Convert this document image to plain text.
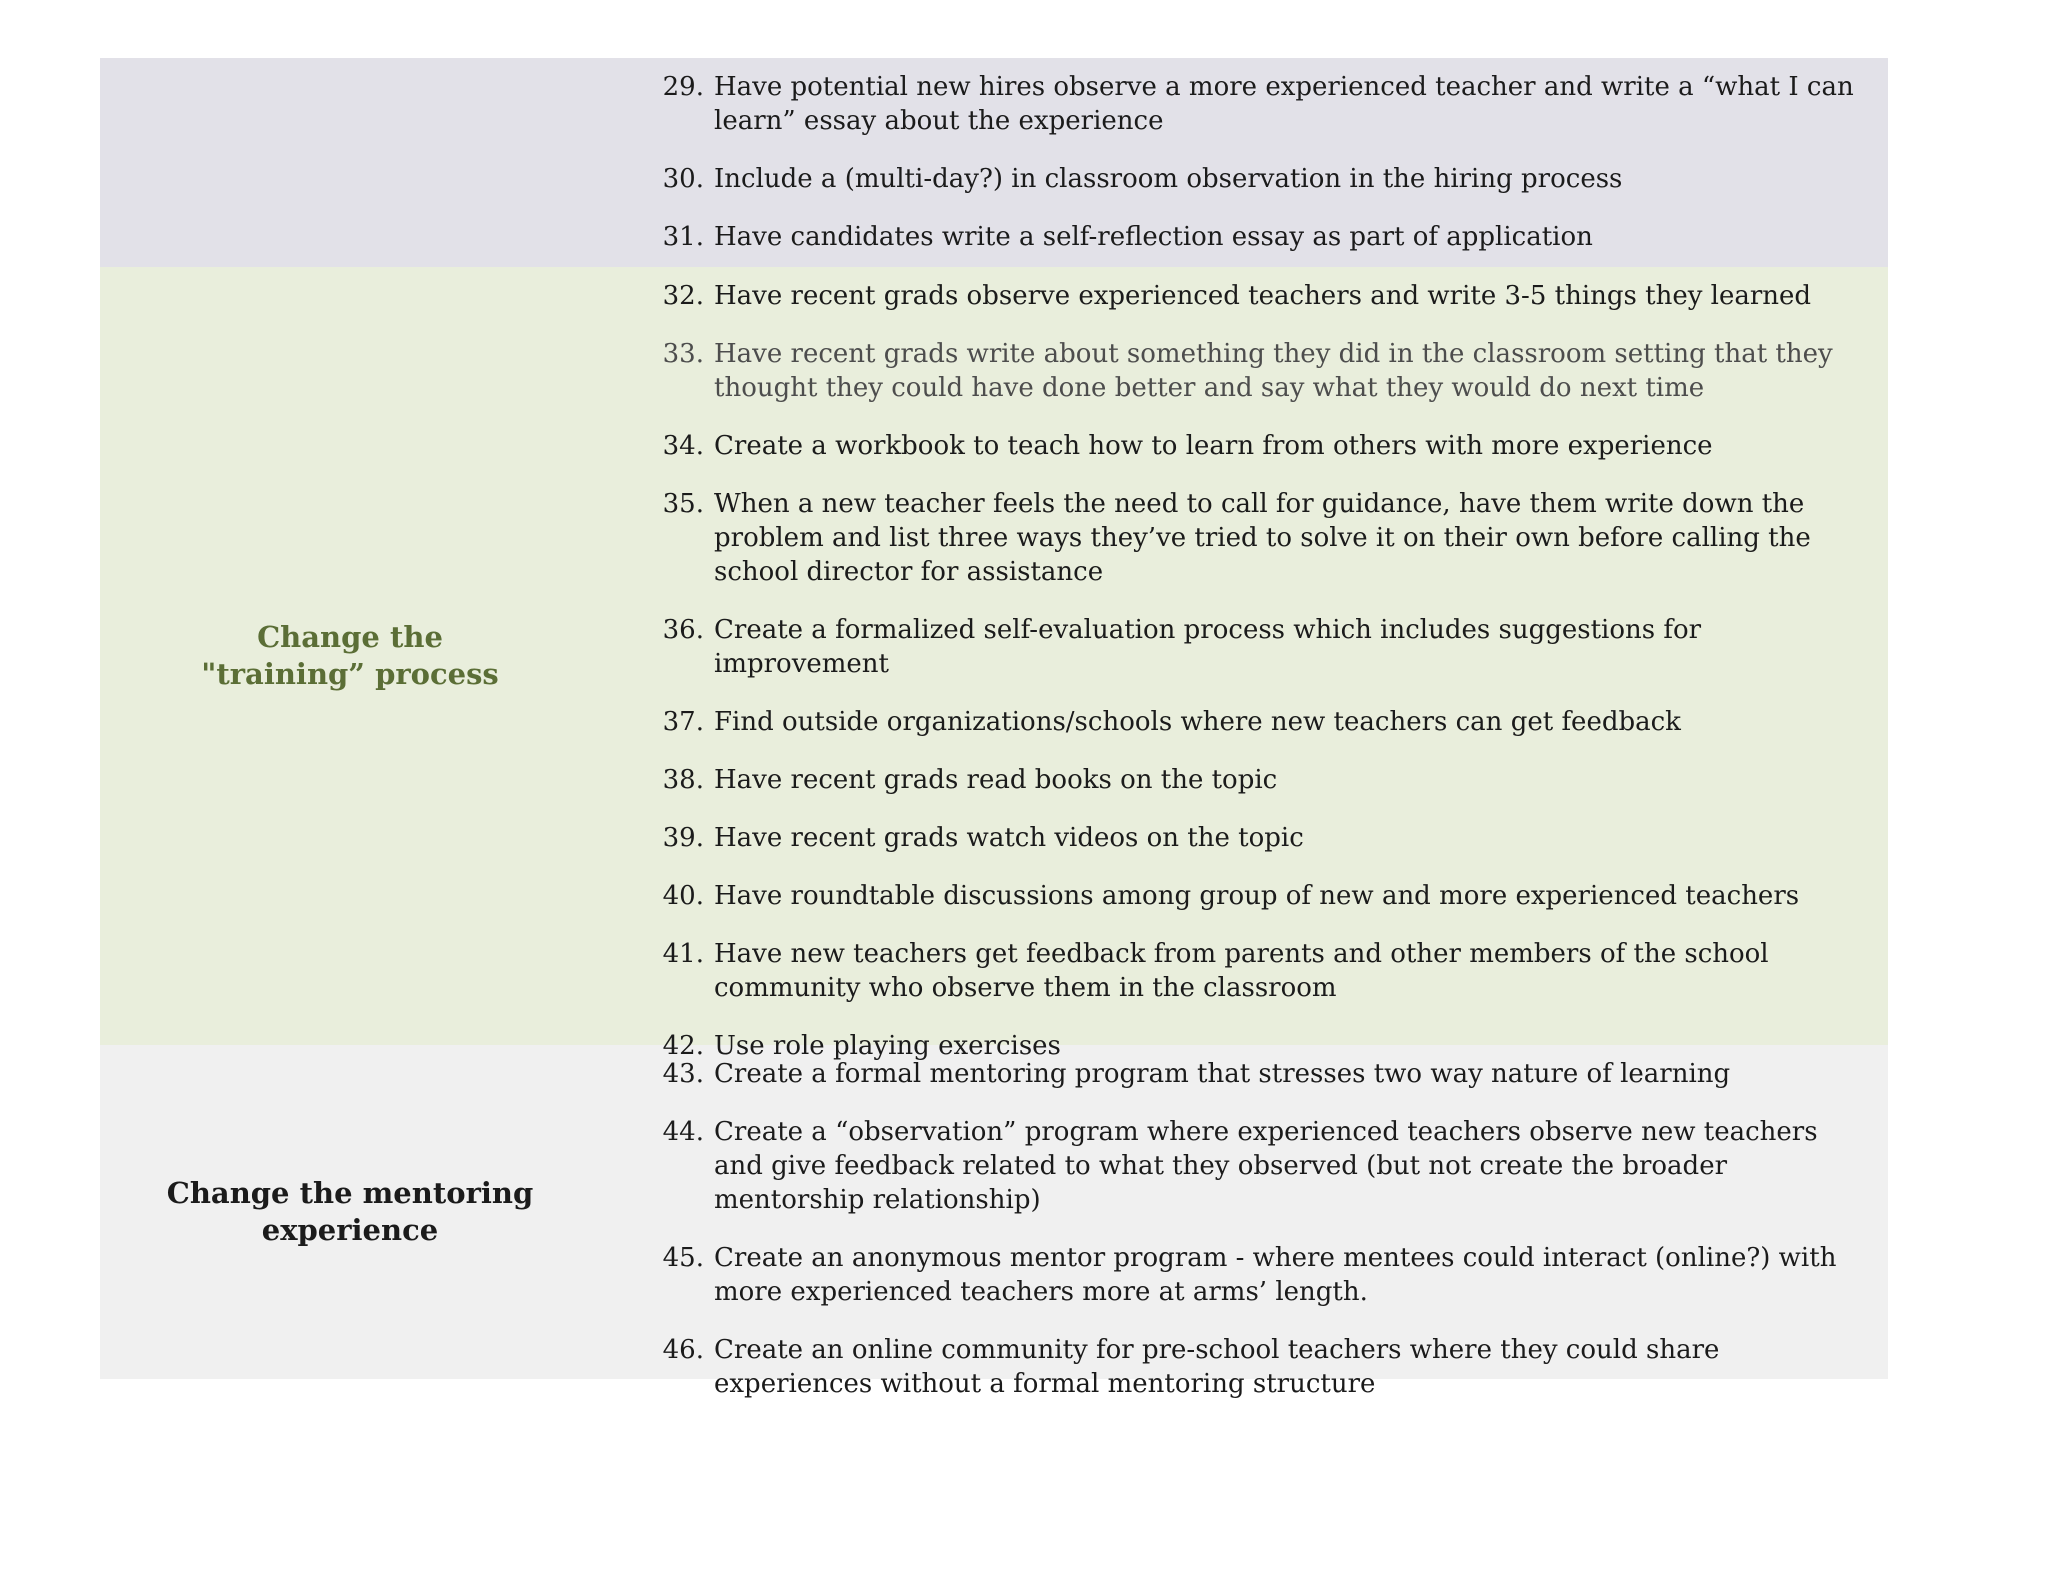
29. Have potential new hires observe a more experienced teacher and write a “what I can learn” essay about the experience
30. Include a (multi-day?) in classroom observation in the hiring process
31. Have candidates write a self-reflection essay as part of application
Change the
"training” process
32. Have recent grads observe experienced teachers and write 3-5 things they learned
33. Have recent grads write about something they did in the classroom setting that they thought they could have done better and say what they would do next time
34. Create a workbook to teach how to learn from others with more experience
35. When a new teacher feels the need to call for guidance, have them write down the problem and list three ways they’ve tried to solve it on their own before calling the school director for assistance
36. Create a formalized self-evaluation process which includes suggestions for improvement
37. Find outside organizations/schools where new teachers can get feedback
38. Have recent grads read books on the topic
39. Have recent grads watch videos on the topic
40. Have roundtable discussions among group of new and more experienced teachers
41. Have new teachers get feedback from parents and other members of the school community who observe them in the classroom
42. Use role playing exercises
Change the mentoring
experience
43. Create a formal mentoring program that stresses two way nature of learning
44. Create a “observation” program where experienced teachers observe new teachers and give feedback related to what they observed (but not create the broader mentorship relationship)
45. Create an anonymous mentor program - where mentees could interact (online?) with more experienced teachers more at arms’ length.
46. Create an online community for pre-school teachers where they could share experiences without a formal mentoring structure
